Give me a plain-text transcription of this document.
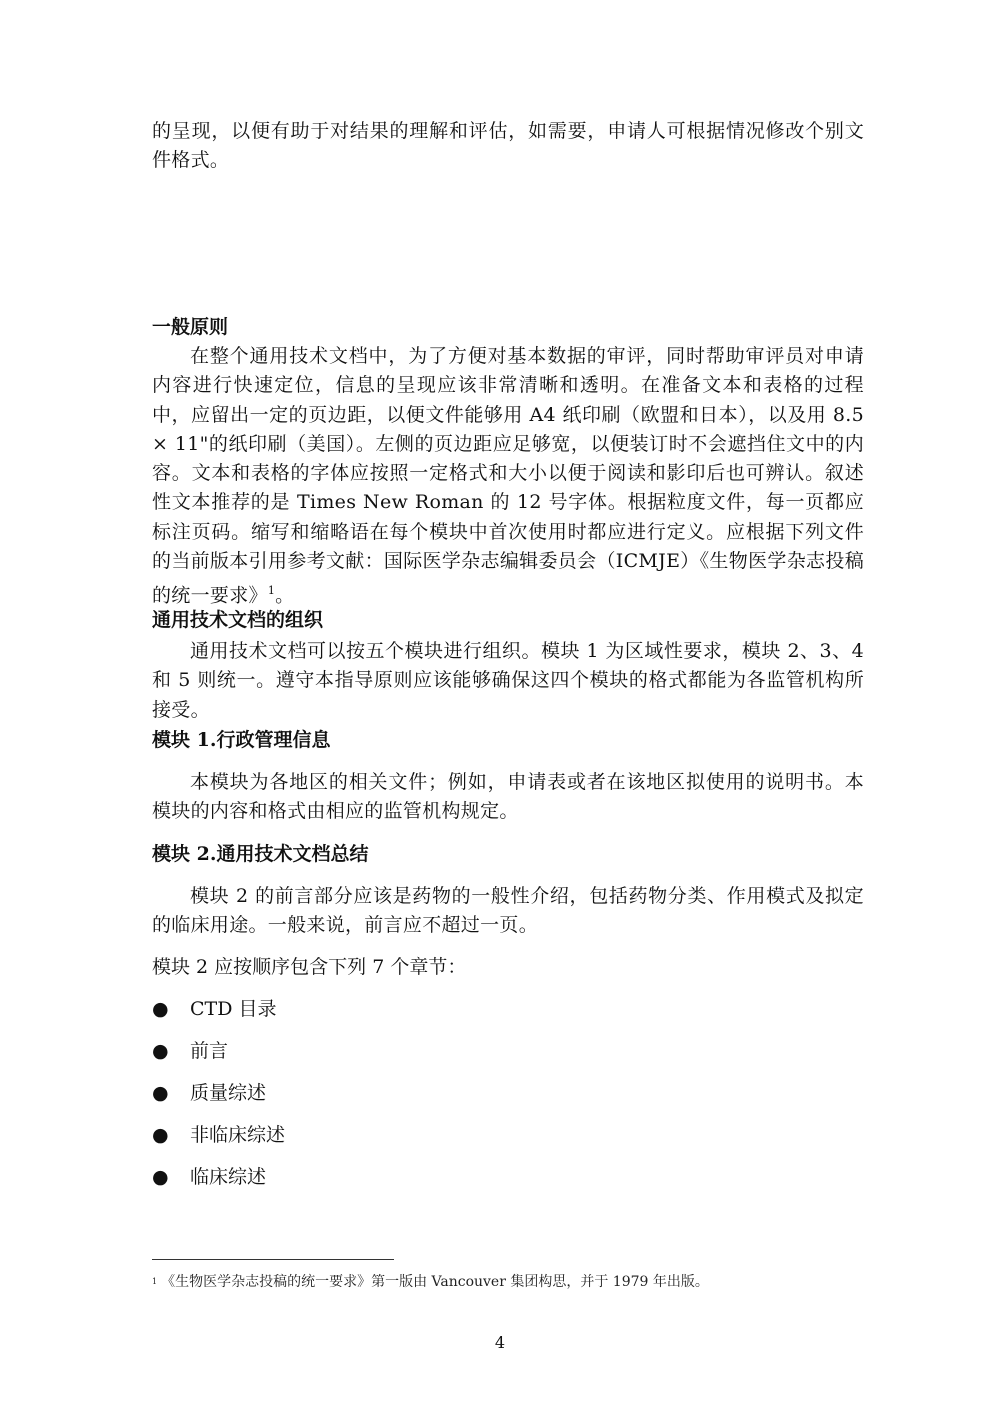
的呈现，以便有助于对结果的理解和评估，如需要，申请人可根据情况修改个别文件格式。

一般原则

在整个通用技术文档中，为了方便对基本数据的审评，同时帮助审评员对申请内容进行快速定位，信息的呈现应该非常清晰和透明。在准备文本和表格的过程中，应留出一定的页边距，以便文件能够用 A4 纸印刷（欧盟和日本），以及用 8.5 × 11"的纸印刷（美国）。左侧的页边距应足够宽，以便装订时不会遮挡住文中的内容。文本和表格的字体应按照一定格式和大小以便于阅读和影印后也可辨认。叙述性文本推荐的是 Times New Roman 的 12 号字体。根据粒度文件，每一页都应标注页码。缩写和缩略语在每个模块中首次使用时都应进行定义。应根据下列文件的当前版本引用参考文献：国际医学杂志编辑委员会（ICMJE）《生物医学杂志投稿的统一要求》$^1$。

通用技术文档的组织

通用技术文档可以按五个模块进行组织。模块 1 为区域性要求，模块 2、3、4 和 5 则统一。遵守本指导原则应该能够确保这四个模块的格式都能为各监管机构所接受。

模块 1.行政管理信息

本模块为各地区的相关文件；例如，申请表或者在该地区拟使用的说明书。本模块的内容和格式由相应的监管机构规定。

模块 2.通用技术文档总结

模块 2 的前言部分应该是药物的一般性介绍，包括药物分类、作用模式及拟定的临床用途。一般来说，前言应不超过一页。

模块 2 应按顺序包含下列 7 个章节：

●	CTD 目录
●	前言
●	质量综述
●	非临床综述
●	临床综述

$^1$ 《生物医学杂志投稿的统一要求》第一版由 Vancouver 集团构思，并于 1979 年出版。

4
